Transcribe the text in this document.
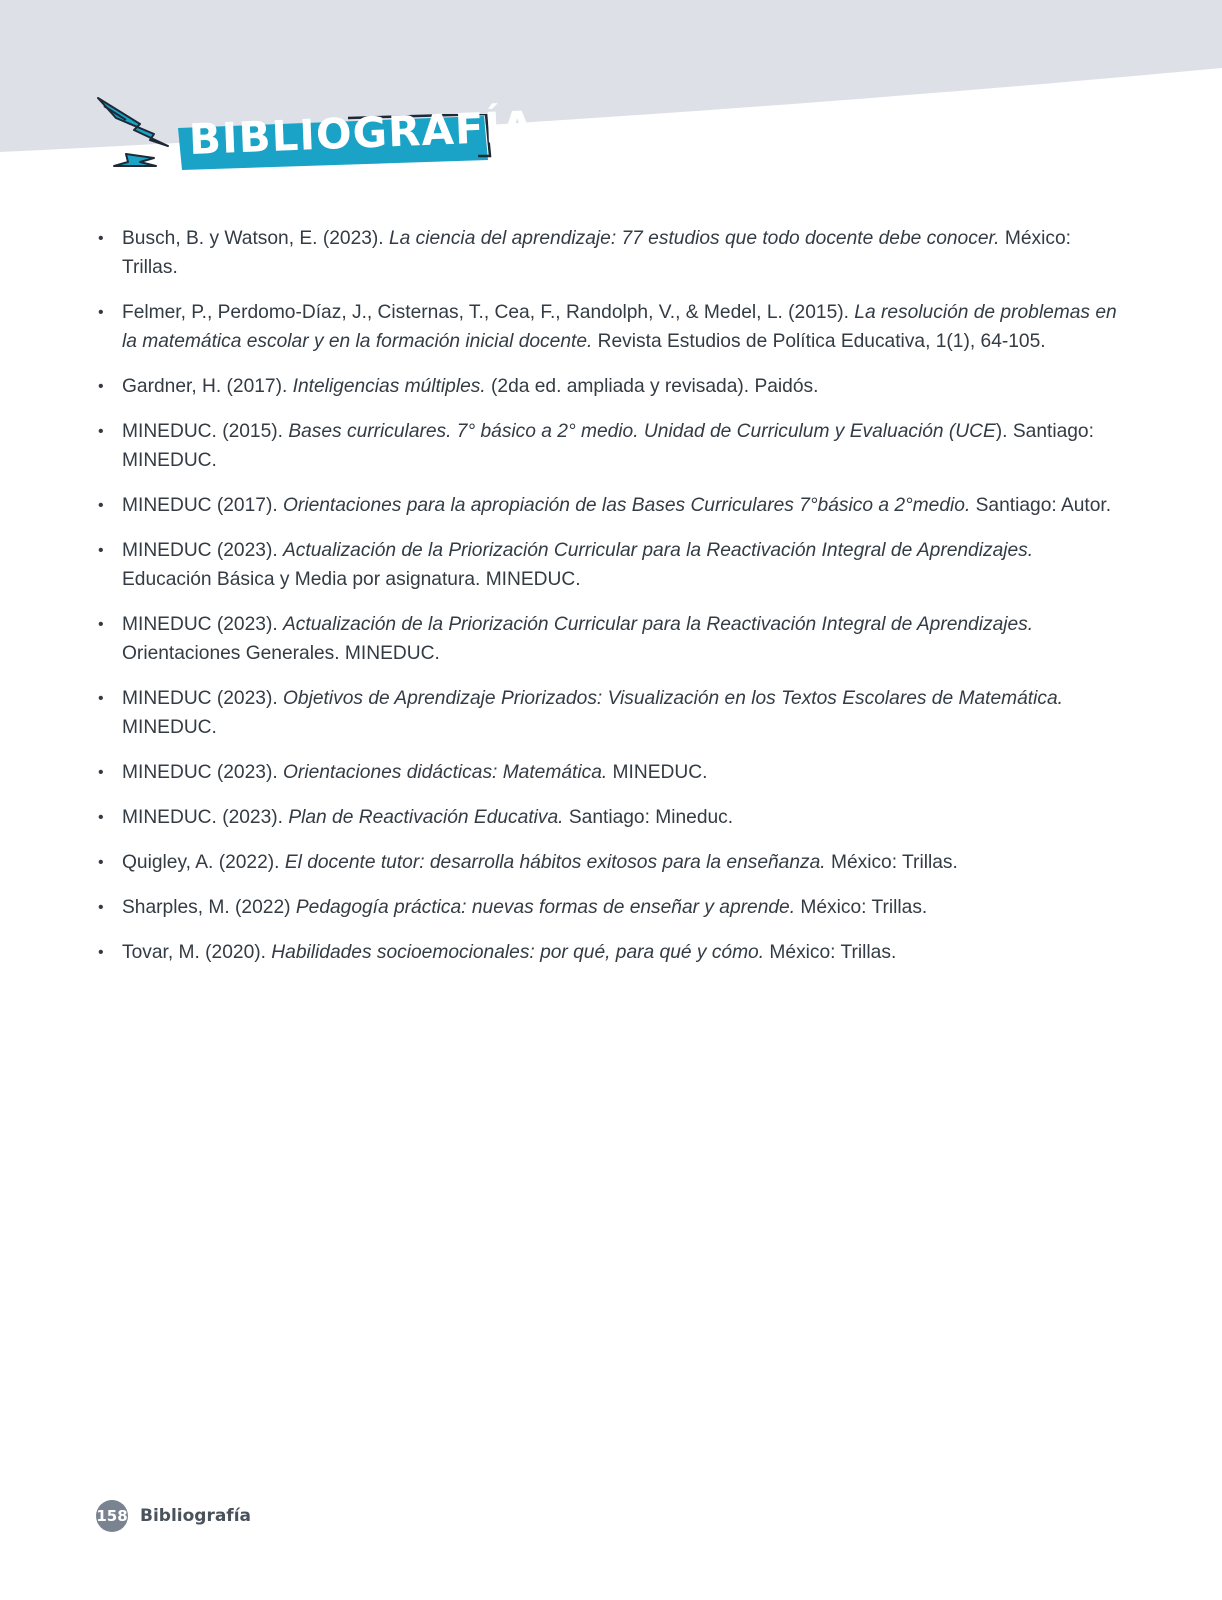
BIBLIOGRAFÍA
• Busch, B. y Watson, E. (2023). La ciencia del aprendizaje: 77 estudios que todo docente debe conocer. México: Trillas.
• Felmer, P., Perdomo-Díaz, J., Cisternas, T., Cea, F., Randolph, V., & Medel, L. (2015). La resolución de problemas en la matemática escolar y en la formación inicial docente. Revista Estudios de Política Educativa, 1(1), 64-105.
• Gardner, H. (2017). Inteligencias múltiples. (2da ed. ampliada y revisada). Paidós.
• MINEDUC. (2015). Bases curriculares. 7° básico a 2° medio. Unidad de Curriculum y Evaluación (UCE). Santiago: MINEDUC.
• MINEDUC (2017). Orientaciones para la apropiación de las Bases Curriculares 7°básico a 2°medio. Santiago: Autor.
• MINEDUC (2023). Actualización de la Priorización Curricular para la Reactivación Integral de Aprendizajes. Educación Básica y Media por asignatura. MINEDUC.
• MINEDUC (2023). Actualización de la Priorización Curricular para la Reactivación Integral de Aprendizajes. Orientaciones Generales. MINEDUC.
• MINEDUC (2023). Objetivos de Aprendizaje Priorizados: Visualización en los Textos Escolares de Matemática. MINEDUC.
• MINEDUC (2023). Orientaciones didácticas: Matemática. MINEDUC.
• MINEDUC. (2023). Plan de Reactivación Educativa. Santiago: Mineduc.
• Quigley, A. (2022). El docente tutor: desarrolla hábitos exitosos para la enseñanza. México: Trillas.
• Sharples, M. (2022) Pedagogía práctica: nuevas formas de enseñar y aprende. México: Trillas.
• Tovar, M. (2020). Habilidades socioemocionales: por qué, para qué y cómo. México: Trillas.
158 Bibliografía
